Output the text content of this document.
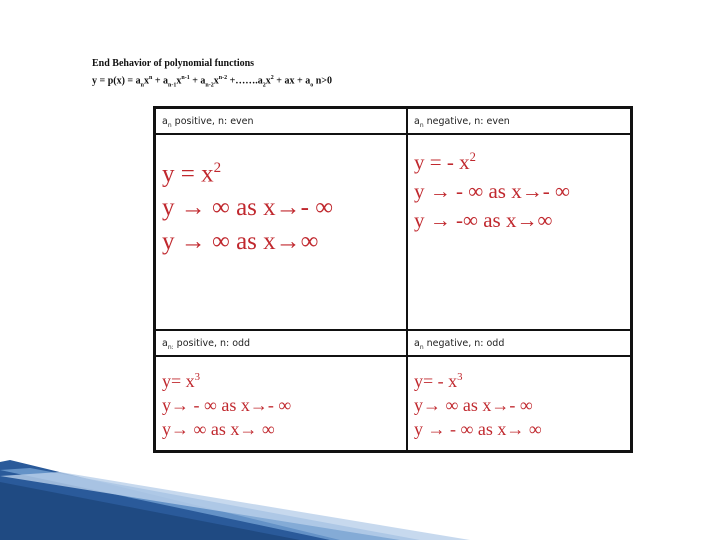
End Behavior of polynomial functions
$y = p(x) = a_nx^n + a_{n-1}x^{n-1} + a_{n-2}x^{n-2}$ $+\dots\dots.a_2x^2$ + ax + $a_o$ n>0
$a_n$ positive, n: even	$a_n$ negative, n: even
$y = x^2$
y → ∞ as x→- ∞
y → ∞ as x→∞
y = - $x^2$
y → - ∞ as x→- ∞
y → -∞ as x→∞
$a_{n:}$ positive, n: odd	$a_n$ negative, n: odd
$y= x^3$
y→ - ∞ as x→- ∞
y→ ∞ as x→ ∞
$y= - x^3$
y→ ∞ as x→- ∞
y → - ∞ as x→ ∞
